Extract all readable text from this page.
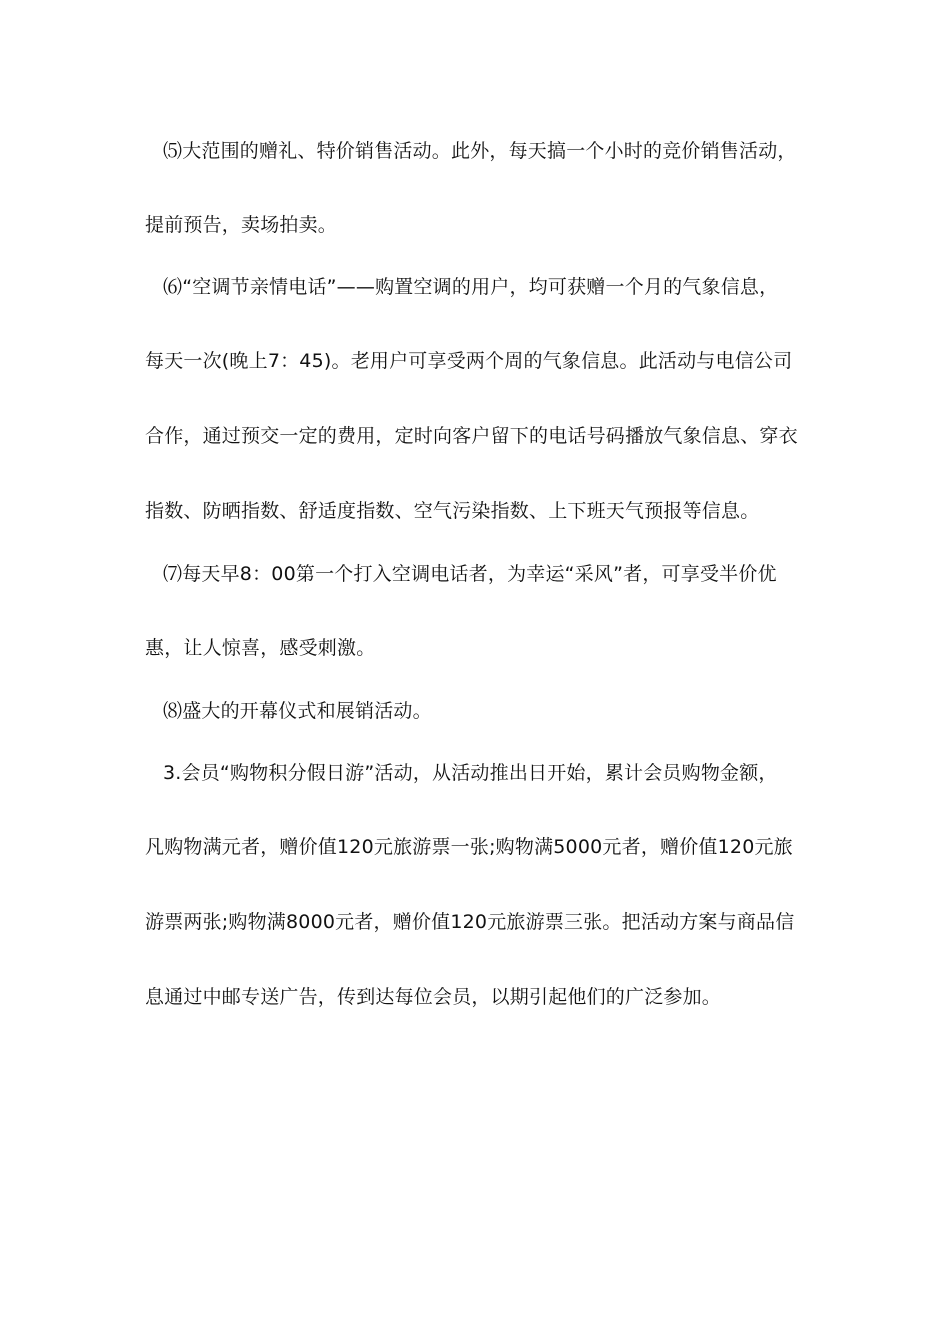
⑸大范围的赠礼、特价销售活动。此外，每天搞一个小时的竞价销售活动，
提前预告，卖场拍卖。
⑹“空调节亲情电话”——购置空调的用户，均可获赠一个月的气象信息，
每天一次(晚上7：45)。老用户可享受两个周的气象信息。此活动与电信公司
合作，通过预交一定的费用，定时向客户留下的电话号码播放气象信息、穿衣
指数、防晒指数、舒适度指数、空气污染指数、上下班天气预报等信息。
⑺每天早8：00第一个打入空调电话者，为幸运“采风”者，可享受半价优
惠，让人惊喜，感受刺激。
⑻盛大的开幕仪式和展销活动。
3.会员“购物积分假日游”活动，从活动推出日开始，累计会员购物金额，
凡购物满元者，赠价值120元旅游票一张;购物满5000元者，赠价值120元旅
游票两张;购物满8000元者，赠价值120元旅游票三张。把活动方案与商品信
息通过中邮专送广告，传到达每位会员，以期引起他们的广泛参加。
